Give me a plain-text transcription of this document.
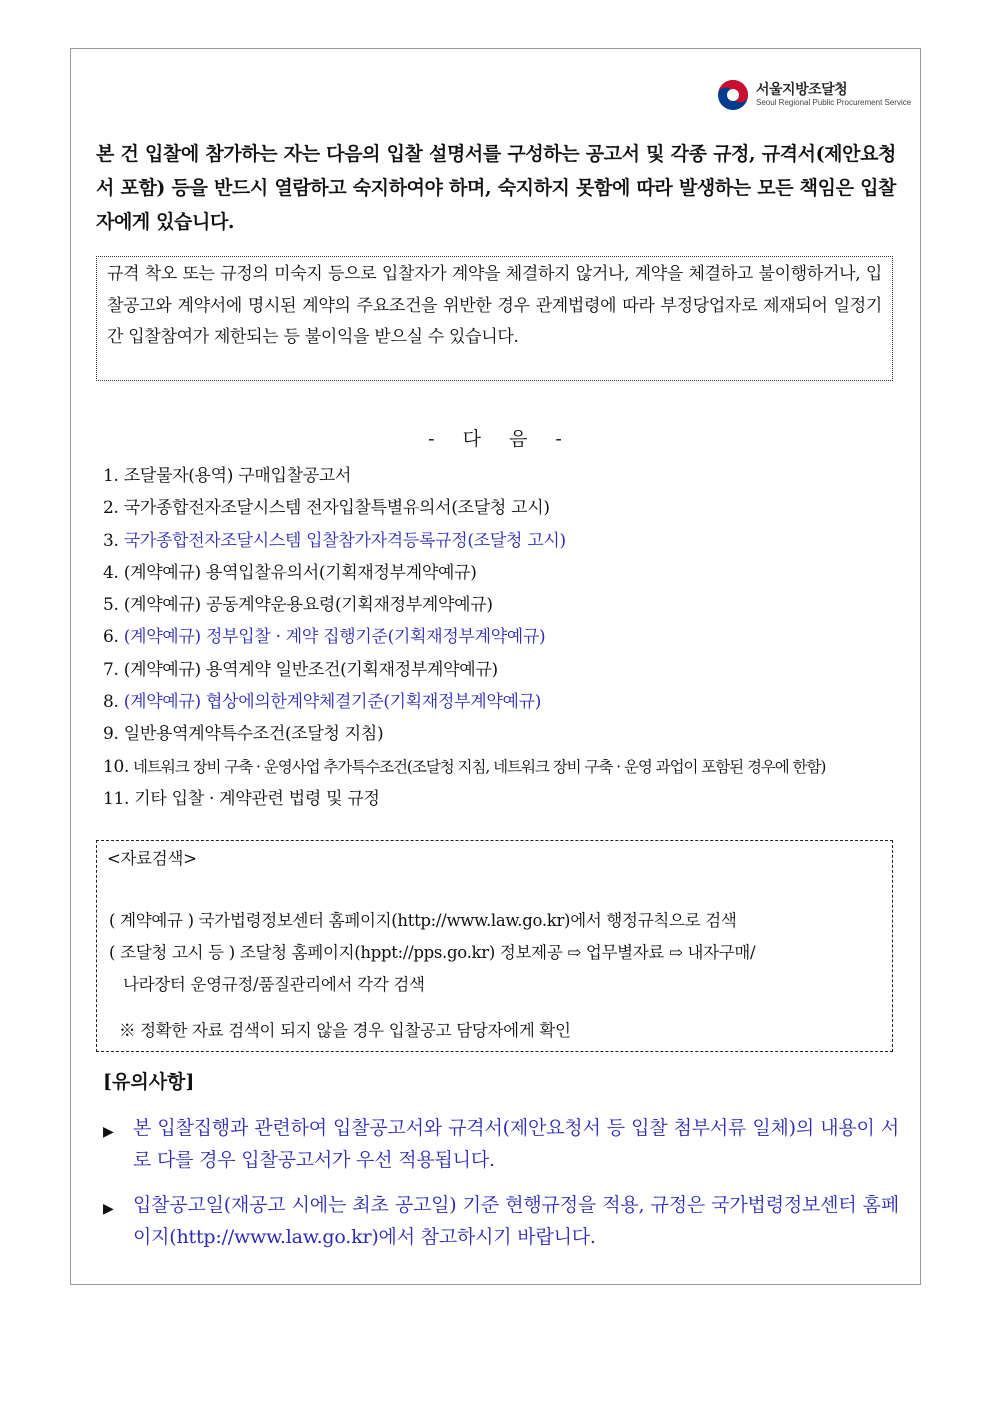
서울지방조달청
Seoul Regional Public Procurement Service
본 건 입찰에 참가하는 자는 다음의 입찰 설명서를 구성하는 공고서 및 각종 규정, 규격서(제안요청서 포함) 등을 반드시 열람하고 숙지하여야 하며, 숙지하지 못함에 따라 발생하는 모든 책임은 입찰자에게 있습니다.
규격 착오 또는 규정의 미숙지 등으로 입찰자가 계약을 체결하지 않거나, 계약을 체결하고 불이행하거나, 입찰공고와 계약서에 명시된 계약의 주요조건을 위반한 경우 관계법령에 따라 부정당업자로 제재되어 일정기간 입찰참여가 제한되는 등 불이익을 받으실 수 있습니다.
- 다 음 -
1. 조달물자(용역) 구매입찰공고서
2. 국가종합전자조달시스템 전자입찰특별유의서(조달청 고시)
3. 국가종합전자조달시스템 입찰참가자격등록규정(조달청 고시)
4. (계약예규) 용역입찰유의서(기획재정부계약예규)
5. (계약예규) 공동계약운용요령(기획재정부계약예규)
6. (계약예규) 정부입찰 · 계약 집행기준(기획재정부계약예규)
7. (계약예규) 용역계약 일반조건(기획재정부계약예규)
8. (계약예규) 협상에의한계약체결기준(기획재정부계약예규)
9. 일반용역계약특수조건(조달청 지침)
10. 네트워크 장비 구축 · 운영사업 추가특수조건(조달청 지침, 네트워크 장비 구축 · 운영 과업이 포함된 경우에 한함)
11. 기타 입찰 · 계약관련 법령 및 규정
<자료검색>
( 계약예규 ) 국가법령정보센터 홈페이지(http://www.law.go.kr)에서 행정규칙으로 검색
( 조달청 고시 등 ) 조달청 홈페이지(hppt://pps.go.kr) 정보제공 ⇨ 업무별자료 ⇨ 내자구매/
나라장터 운영규정/품질관리에서 각각 검색
※ 정확한 자료 검색이 되지 않을 경우 입찰공고 담당자에게 확인
[유의사항]
▶	본 입찰집행과 관련하여 입찰공고서와 규격서(제안요청서 등 입찰 첨부서류 일체)의 내용이 서로 다를 경우 입찰공고서가 우선 적용됩니다.
▶	입찰공고일(재공고 시에는 최초 공고일) 기준 현행규정을 적용, 규정은 국가법령정보센터 홈페이지(http://www.law.go.kr)에서 참고하시기 바랍니다.
